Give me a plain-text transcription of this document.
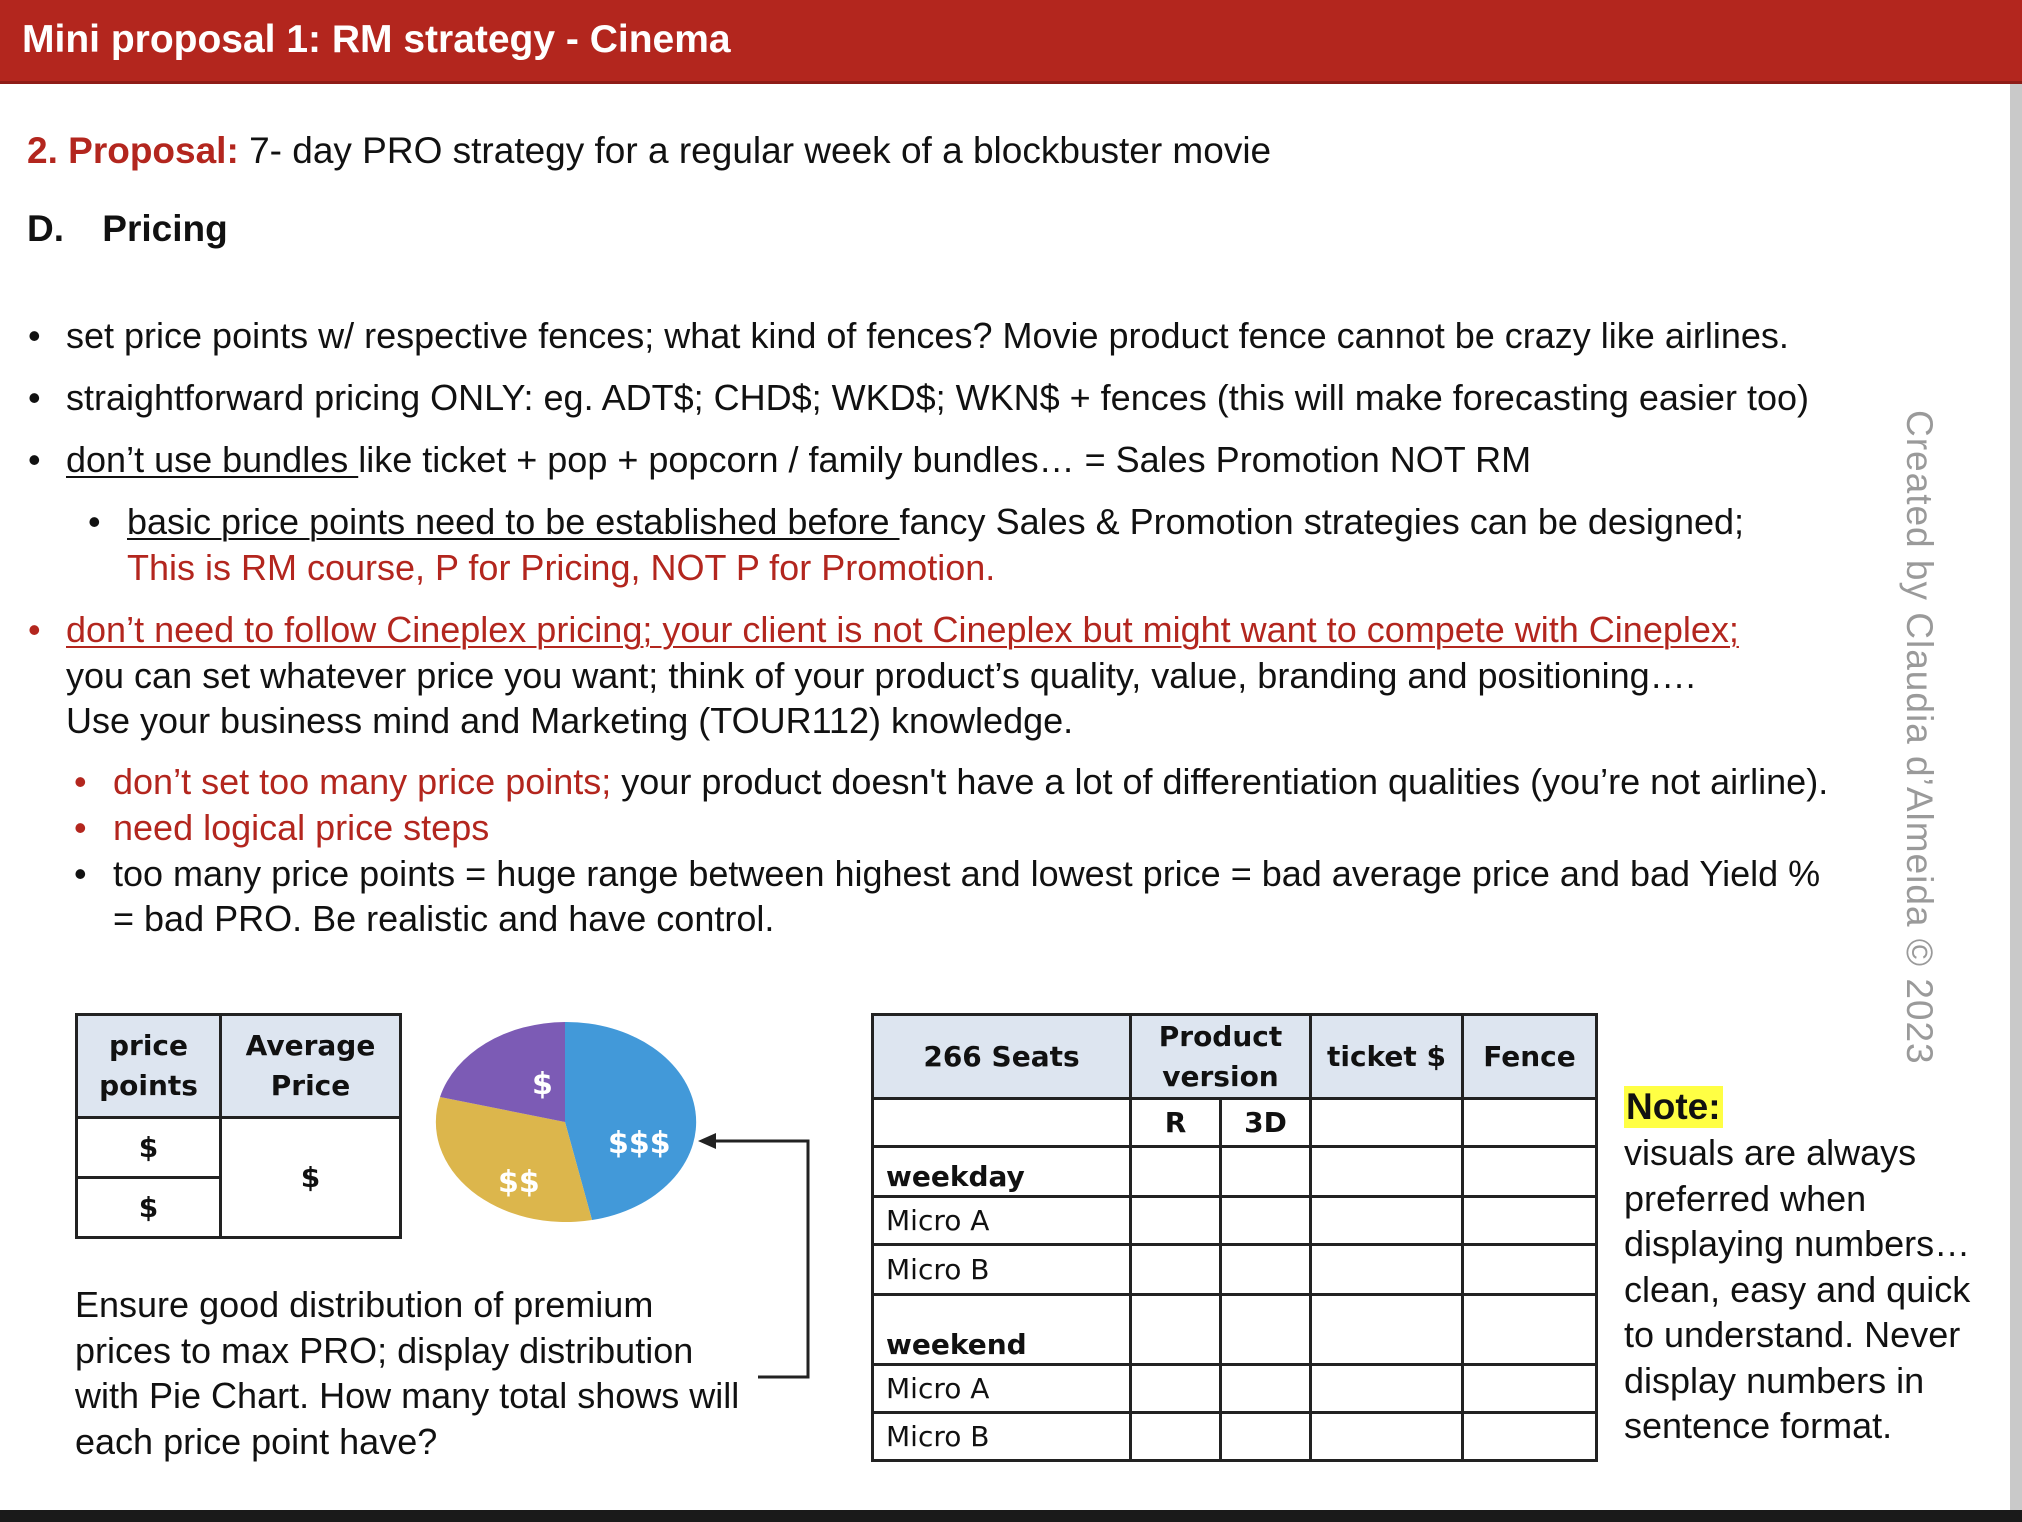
Mini proposal 1: RM strategy - Cinema
2. Proposal: 7- day PRO strategy for a regular week of a blockbuster movie
D. Pricing
• set price points w/ respective fences; what kind of fences? Movie product fence cannot be crazy like airlines.
• straightforward pricing ONLY: eg. ADT$; CHD$; WKD$; WKN$ + fences (this will make forecasting easier too)
• don’t use bundles like ticket + pop + popcorn / family bundles… = Sales Promotion NOT RM
• basic price points need to be established before fancy Sales & Promotion strategies can be designed;
This is RM course, P for Pricing, NOT P for Promotion.
• don’t need to follow Cineplex pricing; your client is not Cineplex but might want to compete with Cineplex;
you can set whatever price you want; think of your product’s quality, value, branding and positioning….
Use your business mind and Marketing (TOUR112) knowledge.
• don’t set too many price points; your product doesn't have a lot of differentiation qualities (you’re not airline).
• need logical price steps
• too many price points = huge range between highest and lowest price = bad average price and bad Yield %
= bad PRO. Be realistic and have control.	Created by Claudia d’Almeida © 2023
price points	Average Price
$	$
$	
$
$$
$$$
Ensure good distribution of premium prices to max PRO; display distribution with Pie Chart. How many total shows will each price point have?
266 Seats	Product version		ticket $	Fence
	R	3D		
weekday				
Micro A				
Micro B				
weekend				
Micro A				
Micro B				
Note:
visuals are always preferred when displaying numbers… clean, easy and quick to understand. Never display numbers in sentence format.
